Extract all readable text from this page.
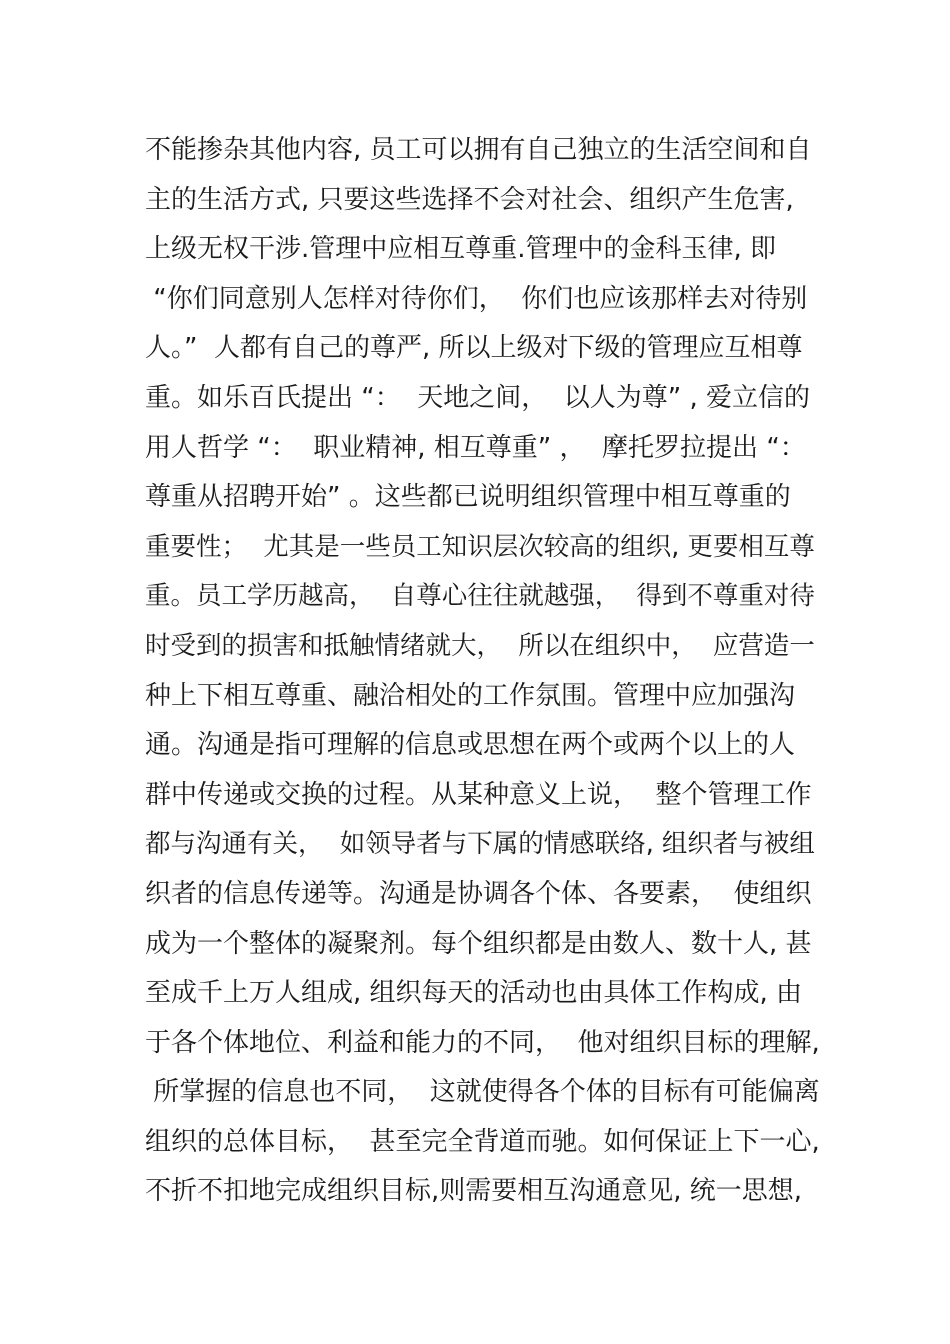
不能掺杂其他内容, 员工可以拥有自己独立的生活空间和自
主的生活方式, 只要这些选择不会对社会、组织产生危害,
上级无权干涉.管理中应相互尊重.管理中的金科玉律, 即
“你们同意别人怎样对待你们，  你们也应该那样去对待别
人。”  人都有自己的尊严, 所以上级对下级的管理应互相尊
重。如乐百氏提出 “：  天地之间，  以人为尊” , 爱立信的
用人哲学 “：  职业精神, 相互尊重” ，  摩托罗拉提出 “：
尊重从招聘开始” 。这些都已说明组织管理中相互尊重的
重要性；  尤其是一些员工知识层次较高的组织, 更要相互尊
重。员工学历越高，  自尊心往往就越强，  得到不尊重对待
时受到的损害和抵触情绪就大，  所以在组织中，  应营造一
种上下相互尊重、融洽相处的工作氛围。管理中应加强沟
通。沟通是指可理解的信息或思想在两个或两个以上的人
群中传递或交换的过程。从某种意义上说，  整个管理工作
都与沟通有关，  如领导者与下属的情感联络, 组织者与被组
织者的信息传递等。沟通是协调各个体、各要素，  使组织
成为一个整体的凝聚剂。每个组织都是由数人、数十人, 甚
至成千上万人组成, 组织每天的活动也由具体工作构成, 由
于各个体地位、利益和能力的不同，  他对组织目标的理解,
所掌握的信息也不同，  这就使得各个体的目标有可能偏离
组织的总体目标，  甚至完全背道而驰。如何保证上下一心,
不折不扣地完成组织目标,则需要相互沟通意见, 统一思想,
